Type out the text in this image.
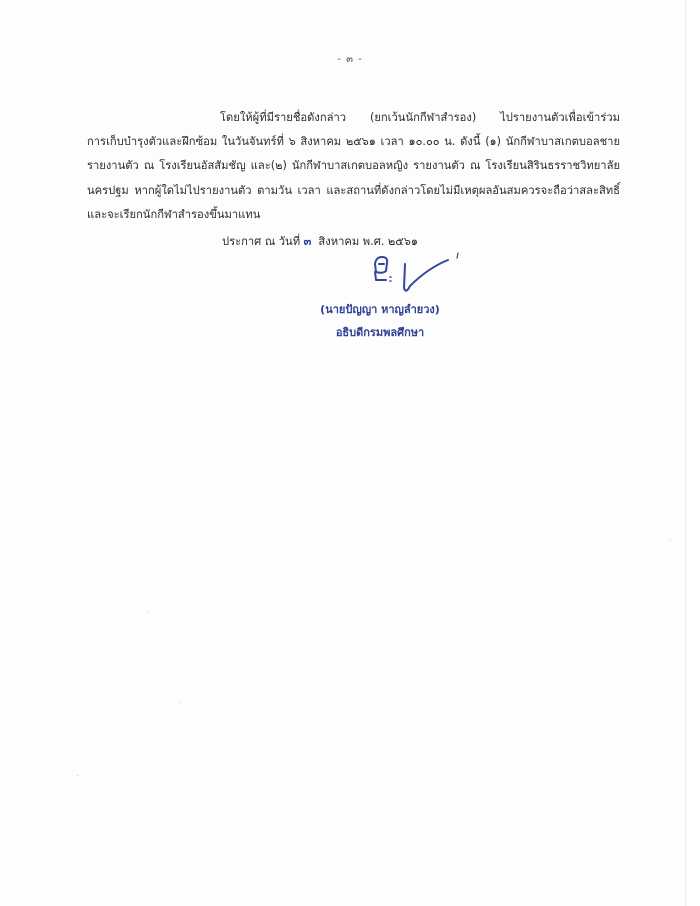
- ๓ -
โดยให้ผู้ที่มีรายชื่อดังกล่าว (ยกเว้นนักกีฬาสำรอง) ไปรายงานตัวเพื่อเข้าร่วม
การเก็บบำรุงตัวและฝึกซ้อม ในวันจันทร์ที่ ๖ สิงหาคม ๒๕๖๑ เวลา ๑๐.๐๐ น. ดังนี้ (๑) นักกีฬาบาสเกตบอลชาย
รายงานตัว ณ โรงเรียนอัสสัมชัญ และ(๒) นักกีฬาบาสเกตบอลหญิง รายงานตัว ณ โรงเรียนสิรินธรราชวิทยาลัย
นครปฐม หากผู้ใดไม่ไปรายงานตัว ตามวัน เวลา และสถานที่ดังกล่าวโดยไม่มีเหตุผลอันสมควรจะถือว่าสละสิทธิ์
และจะเรียกนักกีฬาสำรองขึ้นมาแทน
ประกาศ ณ วันที่ ๓ สิงหาคม พ.ศ. ๒๕๖๑
(นายปัญญา หาญลำยวง)
อธิบดีกรมพลศึกษา
